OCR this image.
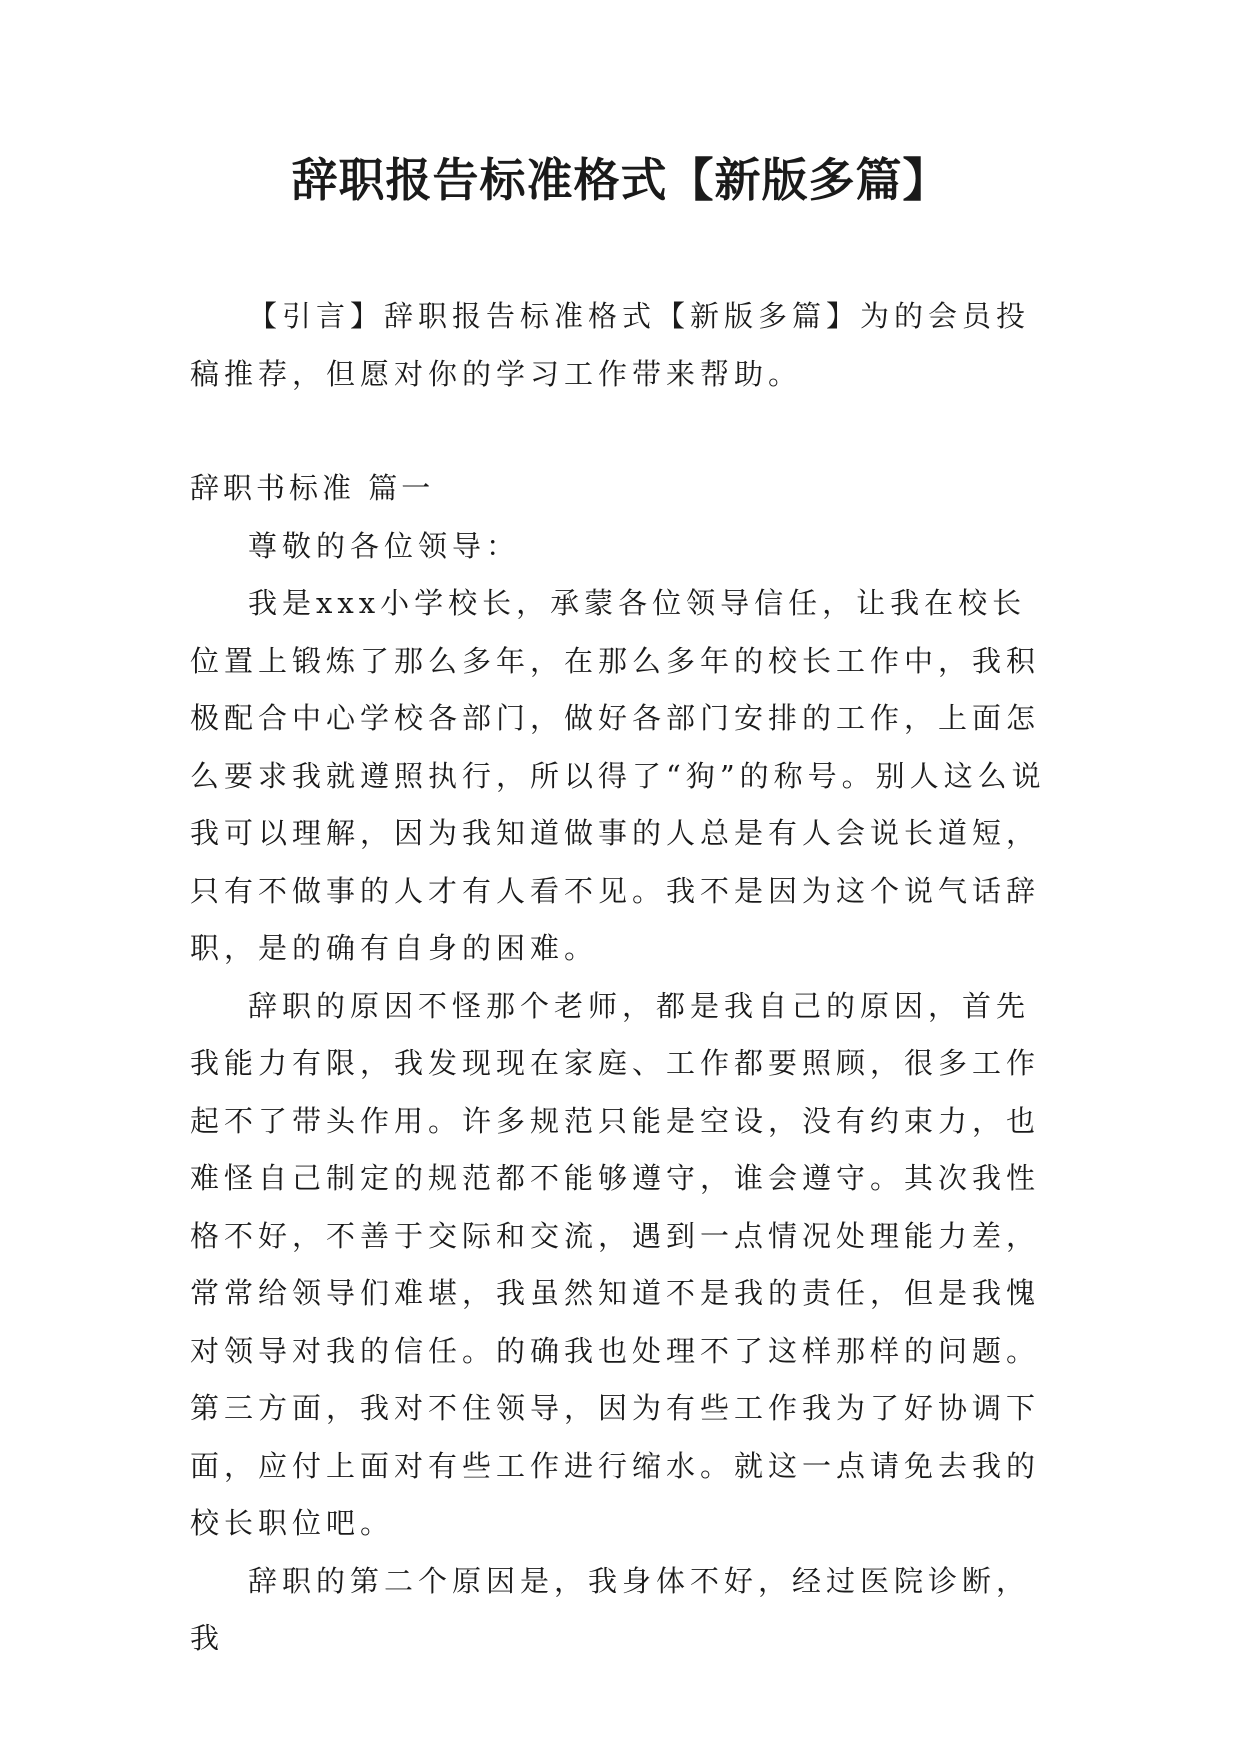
辞职报告标准格式【新版多篇】

【引言】辞职报告标准格式【新版多篇】为的会员投稿推荐，但愿对你的学习工作带来帮助。

辞职书标准 篇一

尊敬的各位领导：

我是xxx小学校长，承蒙各位领导信任，让我在校长位置上锻炼了那么多年，在那么多年的校长工作中，我积极配合中心学校各部门，做好各部门安排的工作，上面怎么要求我就遵照执行，所以得了“狗”的称号。别人这么说我可以理解，因为我知道做事的人总是有人会说长道短，只有不做事的人才有人看不见。我不是因为这个说气话辞职，是的确有自身的困难。

辞职的原因不怪那个老师，都是我自己的原因，首先我能力有限，我发现现在家庭、工作都要照顾，很多工作起不了带头作用。许多规范只能是空设，没有约束力，也难怪自己制定的规范都不能够遵守，谁会遵守。其次我性格不好，不善于交际和交流，遇到一点情况处理能力差，常常给领导们难堪，我虽然知道不是我的责任，但是我愧对领导对我的信任。的确我也处理不了这样那样的问题。第三方面，我对不住领导，因为有些工作我为了好协调下面，应付上面对有些工作进行缩水。就这一点请免去我的校长职位吧。

辞职的第二个原因是，我身体不好，经过医院诊断，我
